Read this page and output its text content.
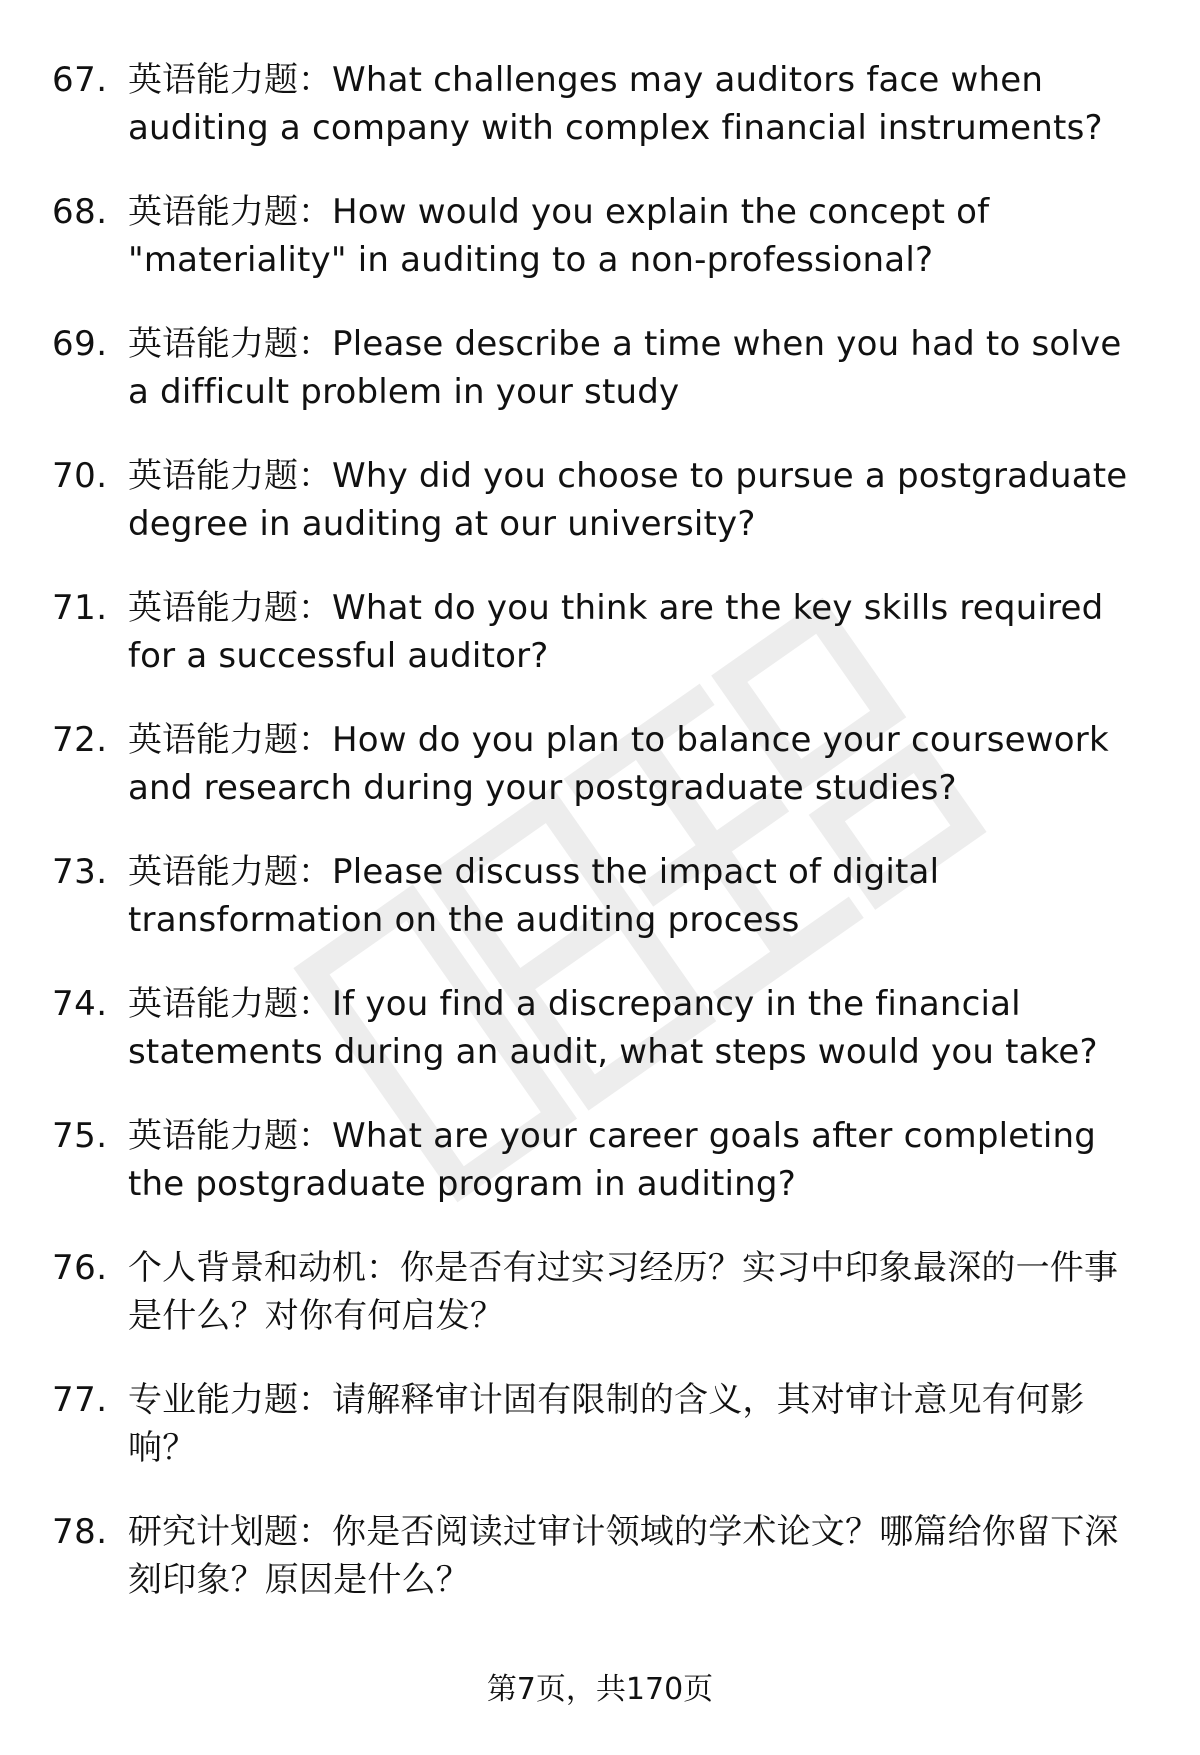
67. 英语能力题：What challenges may auditors face when auditing a company with complex financial instruments?
68. 英语能力题：How would you explain the concept of "materiality" in auditing to a non-professional?
69. 英语能力题：Please describe a time when you had to solve a difficult problem in your study
70. 英语能力题：Why did you choose to pursue a postgraduate degree in auditing at our university?
71. 英语能力题：What do you think are the key skills required for a successful auditor?
72. 英语能力题：How do you plan to balance your coursework and research during your postgraduate studies?
73. 英语能力题：Please discuss the impact of digital transformation on the auditing process
74. 英语能力题：If you find a discrepancy in the financial statements during an audit, what steps would you take?
75. 英语能力题：What are your career goals after completing the postgraduate program in auditing?
76. 个人背景和动机：你是否有过实习经历？实习中印象最深的一件事是什么？对你有何启发？
77. 专业能力题：请解释审计固有限制的含义，其对审计意见有何影响？
78. 研究计划题：你是否阅读过审计领域的学术论文？哪篇给你留下深刻印象？原因是什么？
第7页，共170页
